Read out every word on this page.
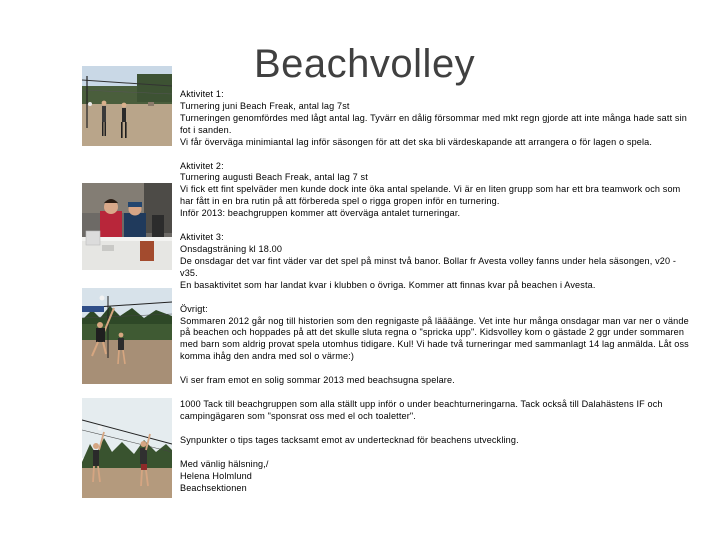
Beachvolley

Aktivitet 1:
Turnering juni Beach Freak, antal lag 7st
Turneringen genomfördes med lågt antal lag. Tyvärr en dålig försommar med mkt regn gjorde att inte många hade satt sin fot i sanden.
Vi får överväga minimiantal lag inför säsongen för att det ska bli värdeskapande att arrangera o för lagen o spela.

Aktivitet 2:
Turnering augusti Beach Freak, antal lag 7 st
Vi fick ett fint spelväder men kunde dock inte öka antal spelande. Vi är en liten grupp som har ett bra teamwork och som har fått in en bra rutin på att förbereda spel o rigga gropen inför en turnering.
Inför 2013: beachgruppen kommer att överväga antalet turneringar.

Aktivitet 3:
Onsdagsträning kl 18.00
De onsdagar det var fint väder var det spel på minst två banor. Bollar fr Avesta volley fanns under hela säsongen, v20 - v35.
En basaktivitet som har landat kvar i klubben o övriga. Kommer att finnas kvar på beachen i Avesta.

Övrigt:
Sommaren 2012 går nog till historien som den regnigaste på läääänge. Vet inte hur många onsdagar man var ner o vände på beachen och hoppades på att det skulle sluta regna o "spricka upp". Kidsvolley kom o gästade 2 ggr under sommaren med barn som aldrig provat spela utomhus tidigare. Kul! Vi hade två turneringar med sammanlagt 14 lag anmälda. Låt oss komma ihåg den andra med sol o värme:)

Vi ser fram emot en solig sommar 2013 med beachsugna spelare.

1000 Tack till beachgruppen som alla ställt upp inför o under beachturneringarna. Tack också till Dalahästens IF och campingägaren som "sponsrat oss med el och toaletter".

Synpunkter o tips tages tacksamt emot av undertecknad för beachens utveckling.

Med vänlig hälsning,/
Helena Holmlund
Beachsektionen
